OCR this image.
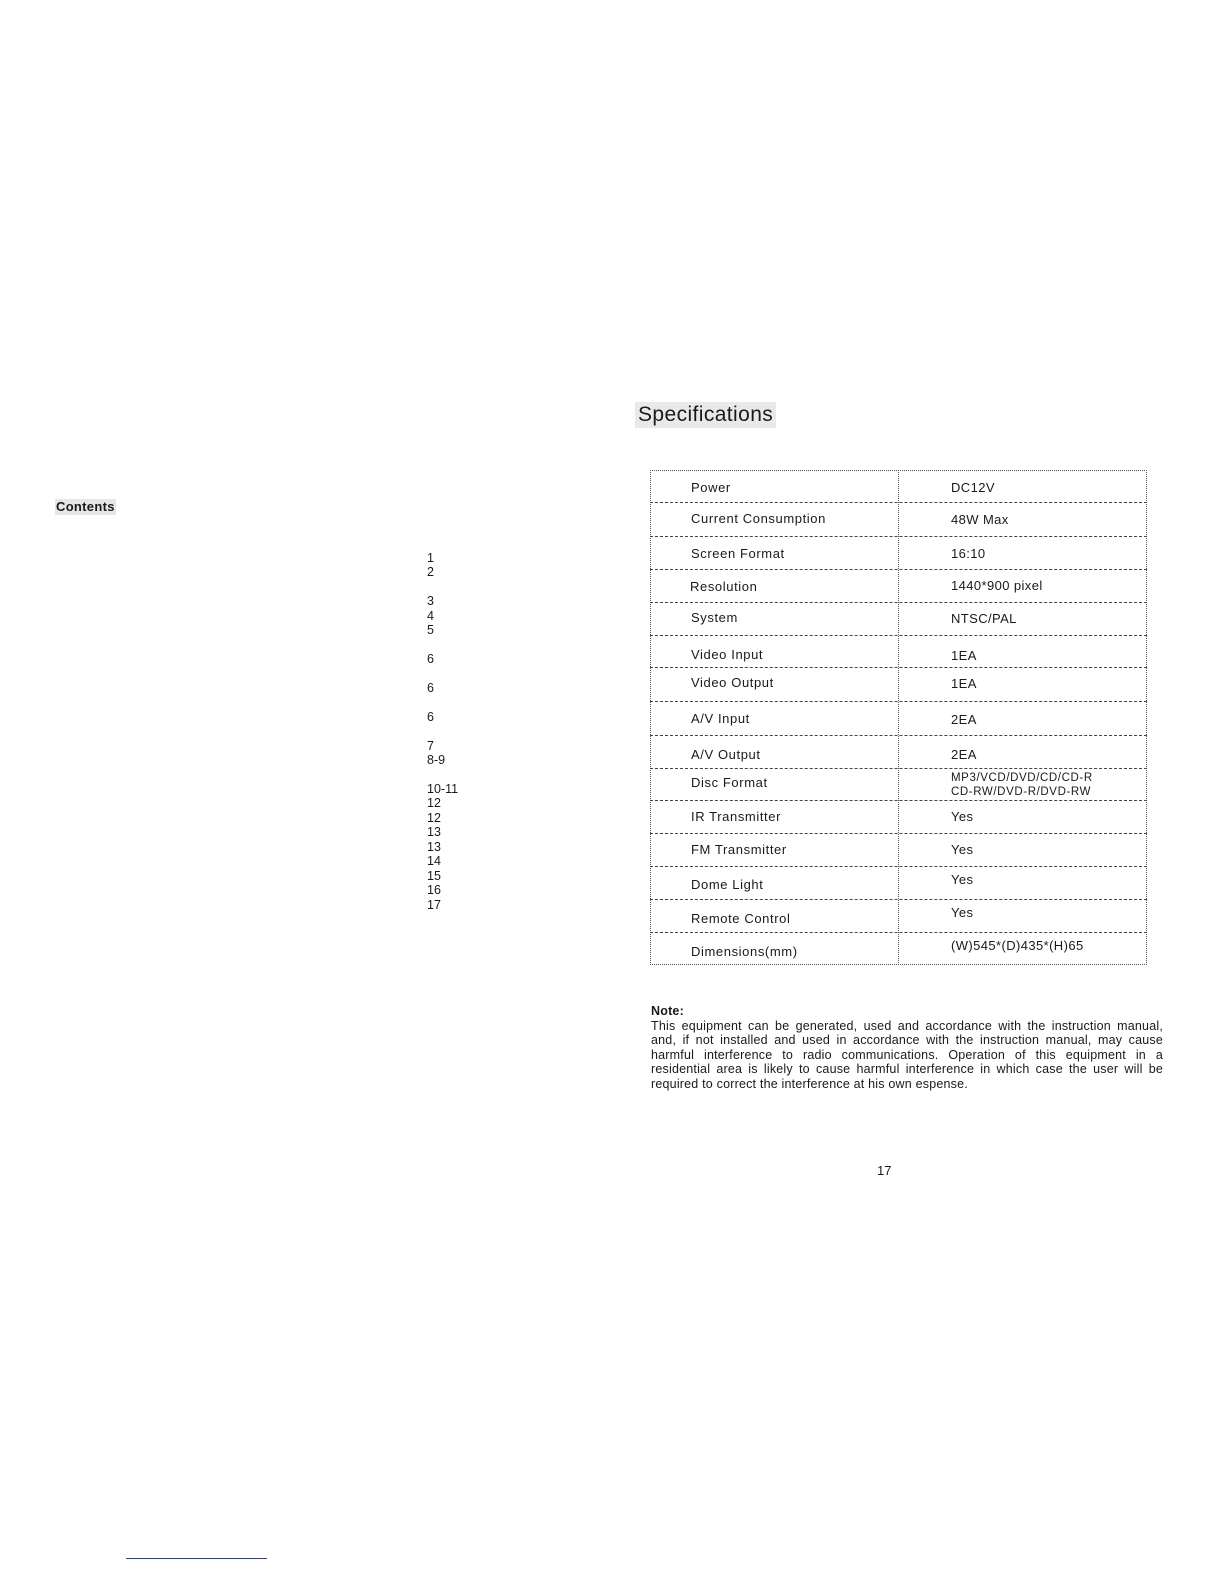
Contents
1
2
3
4
5
6
6
6
7
8-9
10-11
12
12
13
13
14
15
16
17
Specifications
Power	DC12V
Current Consumption	48W Max
Screen Format	16:10
Resolution	1440*900 pixel
System	NTSC/PAL
Video Input	1EA
Video Output	1EA
A/V Input	2EA
A/V Output	2EA
Disc Format	MP3/VCD/DVD/CD/CD-R
CD-RW/DVD-R/DVD-RW
IR Transmitter	Yes
FM Transmitter	Yes
Dome Light	Yes
Remote Control	Yes
Dimensions(mm)	(W)545*(D)435*(H)65
Note:
This equipment can be generated, used and accordance with the instruction manual, and, if not installed and used in accordance with the instruction manual, may cause harmful interference to radio communications. Operation of this equipment in a residential area is likely to cause harmful interference in which case the user will be required to correct the interference at his own espense.
17
